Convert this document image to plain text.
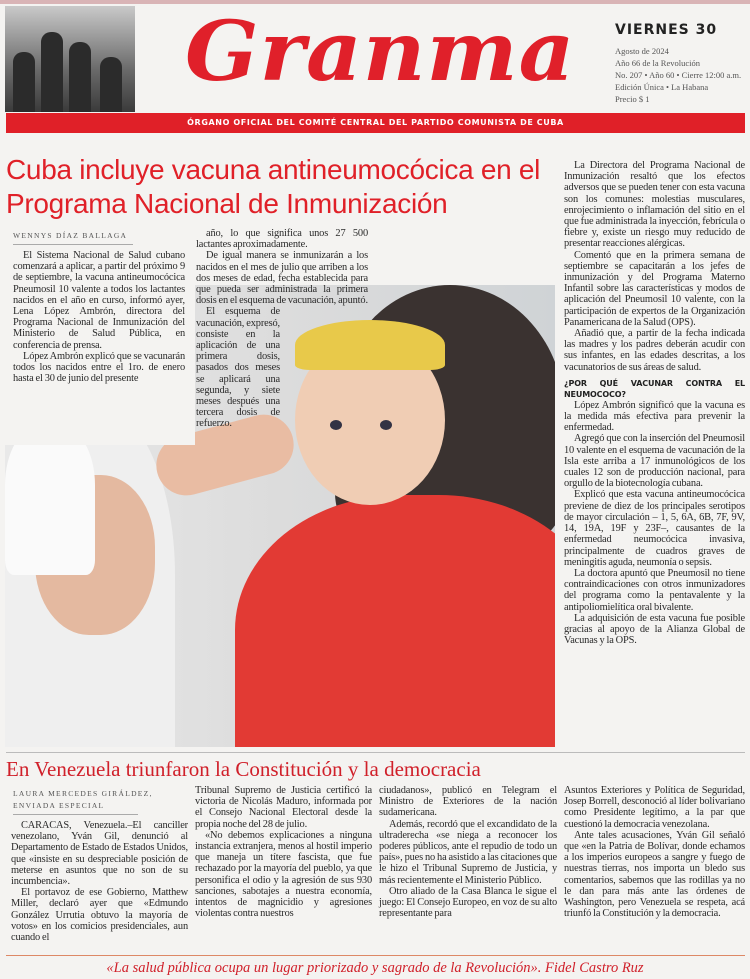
Granma	VIERNES 30
Agosto de 2024
Año 66 de la Revolución
No. 207 • Año 60 • Cierre 12:00 a.m.
Edición Única • La Habana
Precio $ 1
ÓRGANO OFICIAL DEL COMITÉ CENTRAL DEL PARTIDO COMUNISTA DE CUBA
Cuba incluye vacuna antineumocócica en el Programa Nacional de Inmunización
WENNYS DÍAZ BALLAGA

El Sistema Nacional de Salud cubano comenzará a aplicar, a partir del próximo 9 de septiembre, la vacuna antineumocócica Pneumosil 10 valente a todos los lactantes nacidos en el año en curso, informó ayer, Lena López Ambrón, directora del Programa Nacional de Inmunización del Ministerio de Salud Pública, en conferencia de prensa.

López Ambrón explicó que se vacunarán todos los nacidos entre el 1ro. de enero hasta el 30 de junio del presente

año, lo que significa unos 27 500 lactantes aproximadamente.

De igual manera se inmunizarán a los nacidos en el mes de julio que arriben a los dos meses de edad, fecha establecida para que pueda ser administrada la primera dosis en el esquema de vacunación, apuntó.

El esquema de vacunación, expresó, consiste en la aplicación de una primera dosis, pasados dos meses se aplicará una segunda, y siete meses después una tercera dosis de refuerzo.

La Directora del Programa Nacional de Inmunización resaltó que los efectos adversos que se pueden tener con esta vacuna son los comunes: molestias musculares, enrojecimiento o inflamación del sitio en el que fue administrada la inyección, febrícula o fiebre y, existe un riesgo muy reducido de presentar reacciones alérgicas.

Comentó que en la primera semana de septiembre se capacitarán a los jefes de inmunización y del Programa Materno Infantil sobre las características y modos de aplicación del Pneumosil 10 valente, con la participación de expertos de la Organización Panamericana de la Salud (OPS).

Añadió que, a partir de la fecha indicada las madres y los padres deberán acudir con sus infantes, en las edades descritas, a los vacunatorios de sus áreas de salud.

¿POR QUÉ VACUNAR CONTRA EL NEUMOCOCO?

López Ambrón significó que la vacuna es la medida más efectiva para prevenir la enfermedad.

Agregó que con la inserción del Pneumosil 10 valente en el esquema de vacunación de la Isla este arriba a 17 inmunológicos de los cuales 12 son de producción nacional, para orgullo de la biotecnología cubana.

Explicó que esta vacuna antineumocócica previene de diez de los principales serotipos de mayor circulación – 1, 5, 6A, 6B, 7F, 9V, 14, 19A, 19F y 23F–, causantes de la enfermedad neumocócica invasiva, principalmente de cuadros graves de meningitis aguda, neumonía o sepsis.

La doctora apuntó que Pneumosil no tiene contraindicaciones con otros inmunizadores del programa como la pentavalente y la antipoliomielítica oral bivalente.

La adquisición de esta vacuna fue posible gracias al apoyo de la Alianza Global de Vacunas y la OPS.

En Venezuela triunfaron la Constitución y la democracia
LAURA MERCEDES GIRÁLDEZ,
ENVIADA ESPECIAL

CARACAS, Venezuela.–El canciller venezolano, Yván Gil, denunció al Departamento de Estado de Estados Unidos, que «insiste en su despreciable posición de meterse en asuntos que no son de su incumbencia».

El portavoz de ese Gobierno, Matthew Miller, declaró ayer que «Edmundo González Urrutia obtuvo la mayoría de votos» en los comicios presidenciales, aun cuando el

Tribunal Supremo de Justicia certificó la victoria de Nicolás Maduro, informada por el Consejo Nacional Electoral desde la propia noche del 28 de julio.

«No debemos explicaciones a ninguna instancia extranjera, menos al hostil imperio que maneja un títere fascista, que fue rechazado por la mayoría del pueblo, ya que personifica el odio y la agresión de sus 930 sanciones, sabotajes a nuestra economía, intentos de magnicidio y agresiones violentas contra nuestros

ciudadanos», publicó en Telegram el Ministro de Exteriores de la nación sudamericana.

Además, recordó que el excandidato de la ultraderecha «se niega a reconocer los poderes públicos, ante el repudio de todo un país», pues no ha asistido a las citaciones que le hizo el Tribunal Supremo de Justicia, y más recientemente el Ministerio Público.

Otro aliado de la Casa Blanca le sigue el juego: El Consejo Europeo, en voz de su alto representante para

Asuntos Exteriores y Política de Seguridad, Josep Borrell, desconoció al líder bolivariano como Presidente legítimo, a la par que cuestionó la democracia venezolana.

Ante tales acusaciones, Yván Gil señaló que «en la Patria de Bolívar, donde echamos a los imperios europeos a sangre y fuego de nuestras tierras, nos importa un bledo sus comentarios, sabemos que las rodillas ya no le dan para más ante las órdenes de Washington, pero Venezuela se respeta, acá triunfó la Constitución y la democracia.

«La salud pública ocupa un lugar priorizado y sagrado de la Revolución». Fidel Castro Ruz
